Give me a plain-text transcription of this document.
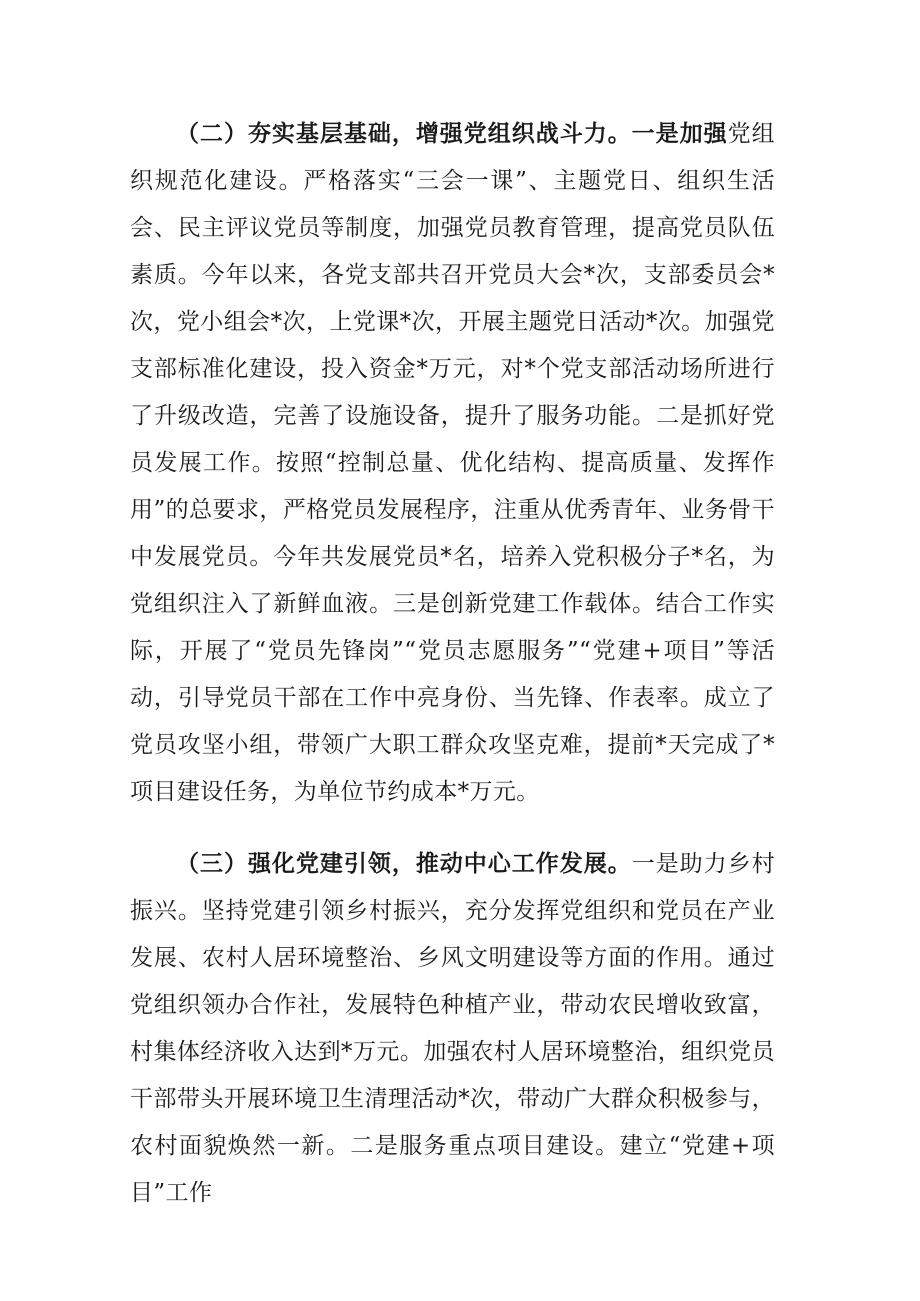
（二）夯实基层基础，增强党组织战斗力。一是加强党组织规范化建设。严格落实“三会一课”、主题党日、组织生活会、民主评议党员等制度，加强党员教育管理，提高党员队伍素质。今年以来，各党支部共召开党员大会*次，支部委员会*次，党小组会*次，上党课*次，开展主题党日活动*次。加强党支部标准化建设，投入资金*万元，对*个党支部活动场所进行了升级改造，完善了设施设备，提升了服务功能。二是抓好党员发展工作。按照“控制总量、优化结构、提高质量、发挥作用”的总要求，严格党员发展程序，注重从优秀青年、业务骨干中发展党员。今年共发展党员*名，培养入党积极分子*名，为党组织注入了新鲜血液。三是创新党建工作载体。结合工作实际，开展了“党员先锋岗”“党员志愿服务”“党建+项目”等活动，引导党员干部在工作中亮身份、当先锋、作表率。成立了党员攻坚小组，带领广大职工群众攻坚克难，提前*天完成了*项目建设任务，为单位节约成本*万元。

（三）强化党建引领，推动中心工作发展。一是助力乡村振兴。坚持党建引领乡村振兴，充分发挥党组织和党员在产业发展、农村人居环境整治、乡风文明建设等方面的作用。通过党组织领办合作社，发展特色种植产业，带动农民增收致富，村集体经济收入达到*万元。加强农村人居环境整治，组织党员干部带头开展环境卫生清理活动*次，带动广大群众积极参与，农村面貌焕然一新。二是服务重点项目建设。建立“党建+项目”工作
